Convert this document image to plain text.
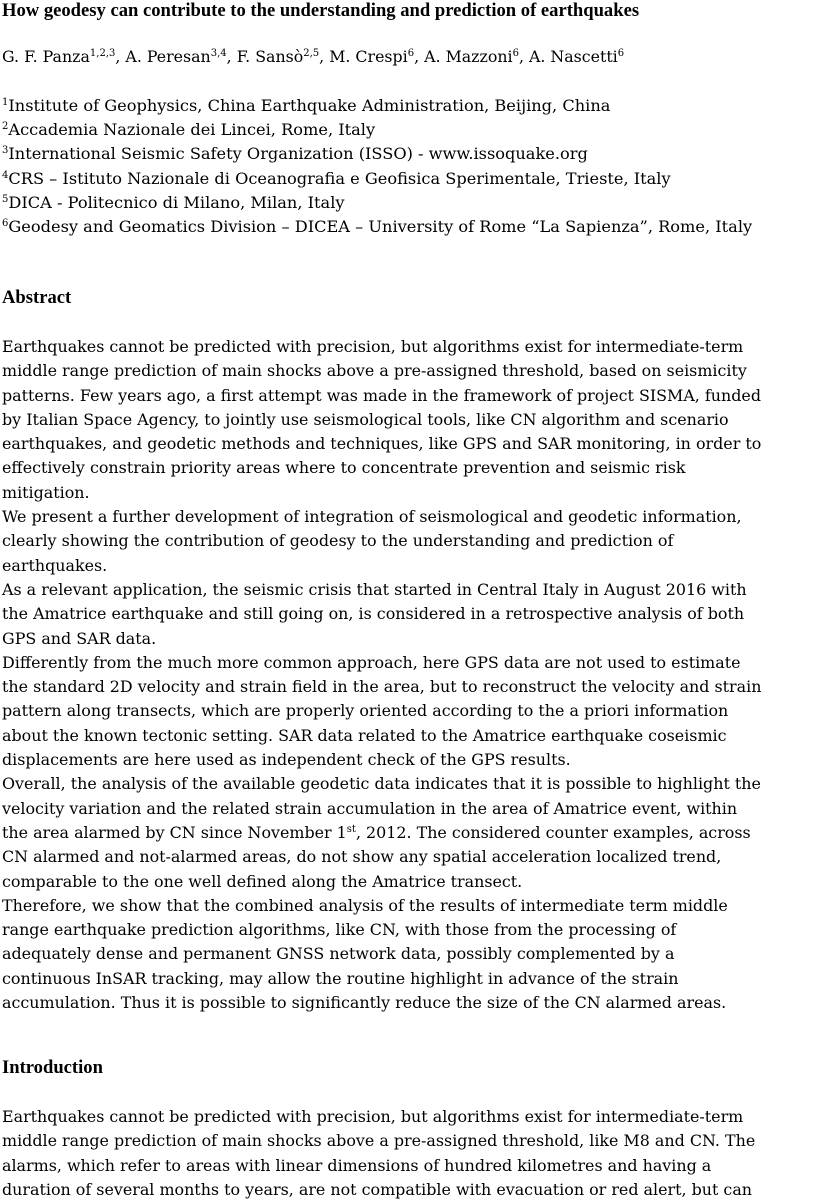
How geodesy can contribute to the understanding and prediction of earthquakes
G. F. Panza$^{1,2,3}$, A. Peresan$^{3,4}$, F. Sansò$^{2,5}$, M. Crespi$^6$, A. Mazzoni$^6$, A. Nascetti$^6$
$^1$Institute of Geophysics, China Earthquake Administration, Beijing, China
$^2$Accademia Nazionale dei Lincei, Rome, Italy
$^3$International Seismic Safety Organization (ISSO) - www.issoquake.org
$^4$CRS – Istituto Nazionale di Oceanografia e Geofisica Sperimentale, Trieste, Italy
$^5$DICA - Politecnico di Milano, Milan, Italy
$^6$Geodesy and Geomatics Division – DICEA – University of Rome “La Sapienza”, Rome, Italy
Abstract
Earthquakes cannot be predicted with precision, but algorithms exist for intermediate-term
middle range prediction of main shocks above a pre-assigned threshold, based on seismicity
patterns. Few years ago, a first attempt was made in the framework of project SISMA, funded
by Italian Space Agency, to jointly use seismological tools, like CN algorithm and scenario
earthquakes, and geodetic methods and techniques, like GPS and SAR monitoring, in order to
effectively constrain priority areas where to concentrate prevention and seismic risk
mitigation.
We present a further development of integration of seismological and geodetic information,
clearly showing the contribution of geodesy to the understanding and prediction of
earthquakes.
As a relevant application, the seismic crisis that started in Central Italy in August 2016 with
the Amatrice earthquake and still going on, is considered in a retrospective analysis of both
GPS and SAR data.
Differently from the much more common approach, here GPS data are not used to estimate
the standard 2D velocity and strain field in the area, but to reconstruct the velocity and strain
pattern along transects, which are properly oriented according to the a priori information
about the known tectonic setting. SAR data related to the Amatrice earthquake coseismic
displacements are here used as independent check of the GPS results.
Overall, the analysis of the available geodetic data indicates that it is possible to highlight the
velocity variation and the related strain accumulation in the area of Amatrice event, within
the area alarmed by CN since November 1st, 2012. The considered counter examples, across
CN alarmed and not-alarmed areas, do not show any spatial acceleration localized trend,
comparable to the one well defined along the Amatrice transect.
Therefore, we show that the combined analysis of the results of intermediate term middle
range earthquake prediction algorithms, like CN, with those from the processing of
adequately dense and permanent GNSS network data, possibly complemented by a
continuous InSAR tracking, may allow the routine highlight in advance of the strain
accumulation. Thus it is possible to significantly reduce the size of the CN alarmed areas.
Introduction
Earthquakes cannot be predicted with precision, but algorithms exist for intermediate-term
middle range prediction of main shocks above a pre-assigned threshold, like M8 and CN. The
alarms, which refer to areas with linear dimensions of hundred kilometres and having a
duration of several months to years, are not compatible with evacuation or red alert, but can
